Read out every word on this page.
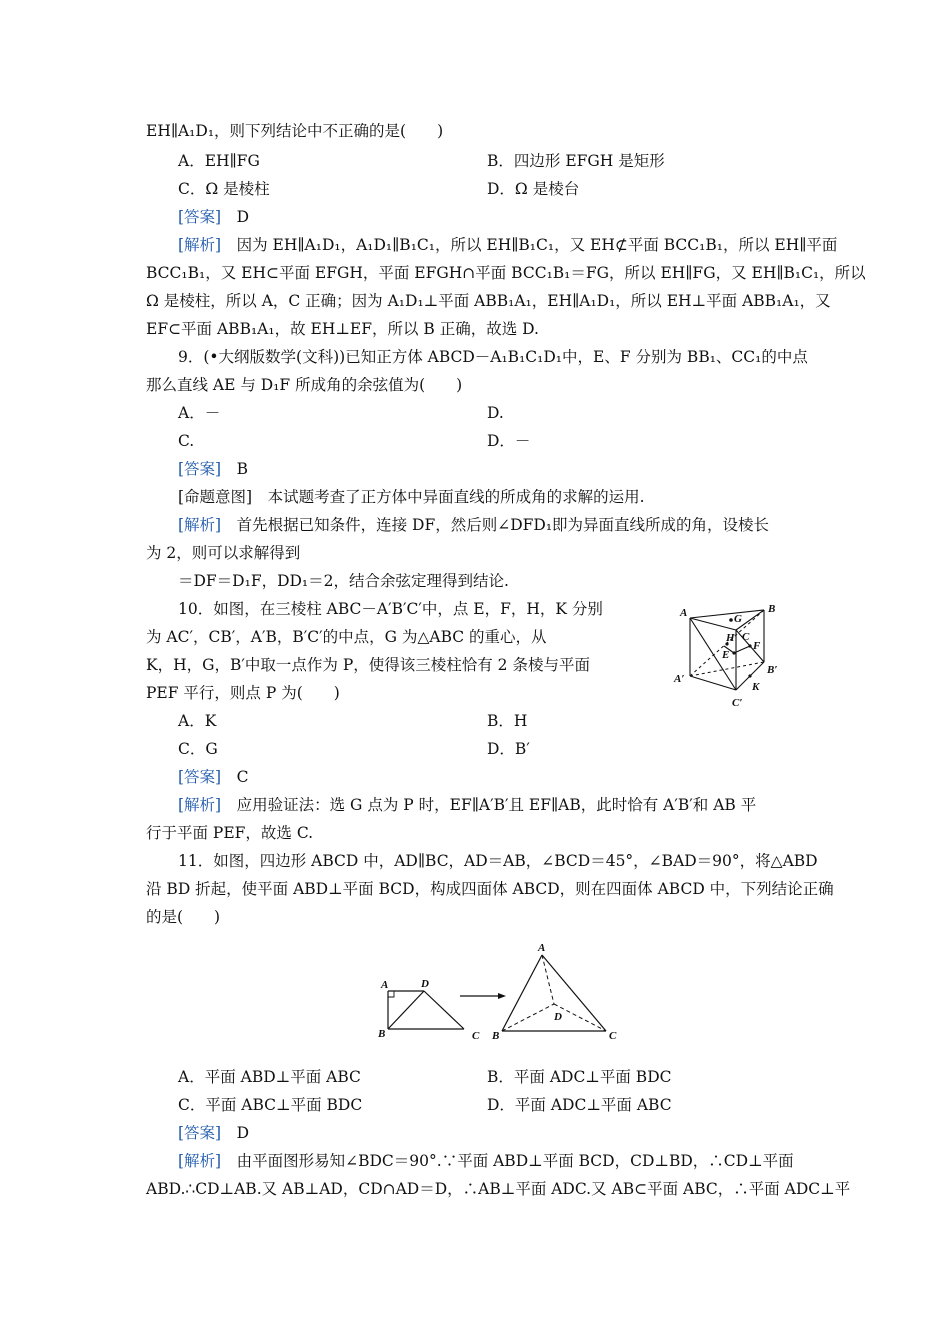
EH∥A₁D₁，则下列结论中不正确的是(　　)
A．EH∥FG	B．四边形 EFGH 是矩形
C．Ω 是棱柱	D．Ω 是棱台
[答案]　 D
[解析]　 因为 EH∥A₁D₁，A₁D₁∥B₁C₁，所以 EH∥B₁C₁，又 EH⊄平面 BCC₁B₁，所以 EH∥平面
BCC₁B₁，又 EH⊂平面 EFGH，平面 EFGH∩平面 BCC₁B₁＝FG，所以 EH∥FG，又 EH∥B₁C₁，所以
Ω 是棱柱，所以 A，C 正确；因为 A₁D₁⊥平面 ABB₁A₁，EH∥A₁D₁，所以 EH⊥平面 ABB₁A₁，又
EF⊂平面 ABB₁A₁，故 EH⊥EF，所以 B 正确，故选 D.
9．(•大纲版数学(文科))已知正方体 ABCD－A₁B₁C₁D₁中，E、F 分别为 BB₁、CC₁的中点
那么直线 AE 与 D₁F 所成角的余弦值为(　　)
A．－	D.
C.	D．－
[答案]　 B
[命题意图]　本试题考查了正方体中异面直线的所成角的求解的运用.
[解析]　 首先根据已知条件，连接 DF，然后则∠DFD₁即为异面直线所成的角，设棱长
为 2，则可以求解得到
＝DF＝D₁F，DD₁＝2，结合余弦定理得到结论.
10．如图，在三棱柱 ABC－A′B′C′中，点 E，F，H，K 分别
为 AC′，CB′，A′B，B′C′的中点，G 为△ABC 的重心，从
K，H，G，B′中取一点作为 P，使得该三棱柱恰有 2 条棱与平面
PEF 平行，则点 P 为(　　)
A．K	B．H
C．G	D．B′
[答案]　 C
[解析]　 应用验证法：选 G 点为 P 时，EF∥A′B′且 EF∥AB，此时恰有 A′B′和 AB 平
行于平面 PEF，故选 C.
11．如图，四边形 ABCD 中，AD∥BC，AD＝AB，∠BCD＝45°，∠BAD＝90°，将△ABD
沿 BD 折起，使平面 ABD⊥平面 BCD，构成四面体 ABCD，则在四面体 ABCD 中，下列结论正确
的是(　　)
A．平面 ABD⊥平面 ABC	B．平面 ADC⊥平面 BDC
C．平面 ABC⊥平面 BDC	D．平面 ADC⊥平面 ABC
[答案]　 D
[解析]　 由平面图形易知∠BDC＝90°.∵平面 ABD⊥平面 BCD，CD⊥BD，∴CD⊥平面
ABD.∴CD⊥AB.又 AB⊥AD，CD∩AD＝D，∴AB⊥平面 ADC.又 AB⊂平面 ABC，∴平面 ADC⊥平
A	B
G
H C
F
E
B′
A′
K
C′
A	D
B	C
A
B	C
D
